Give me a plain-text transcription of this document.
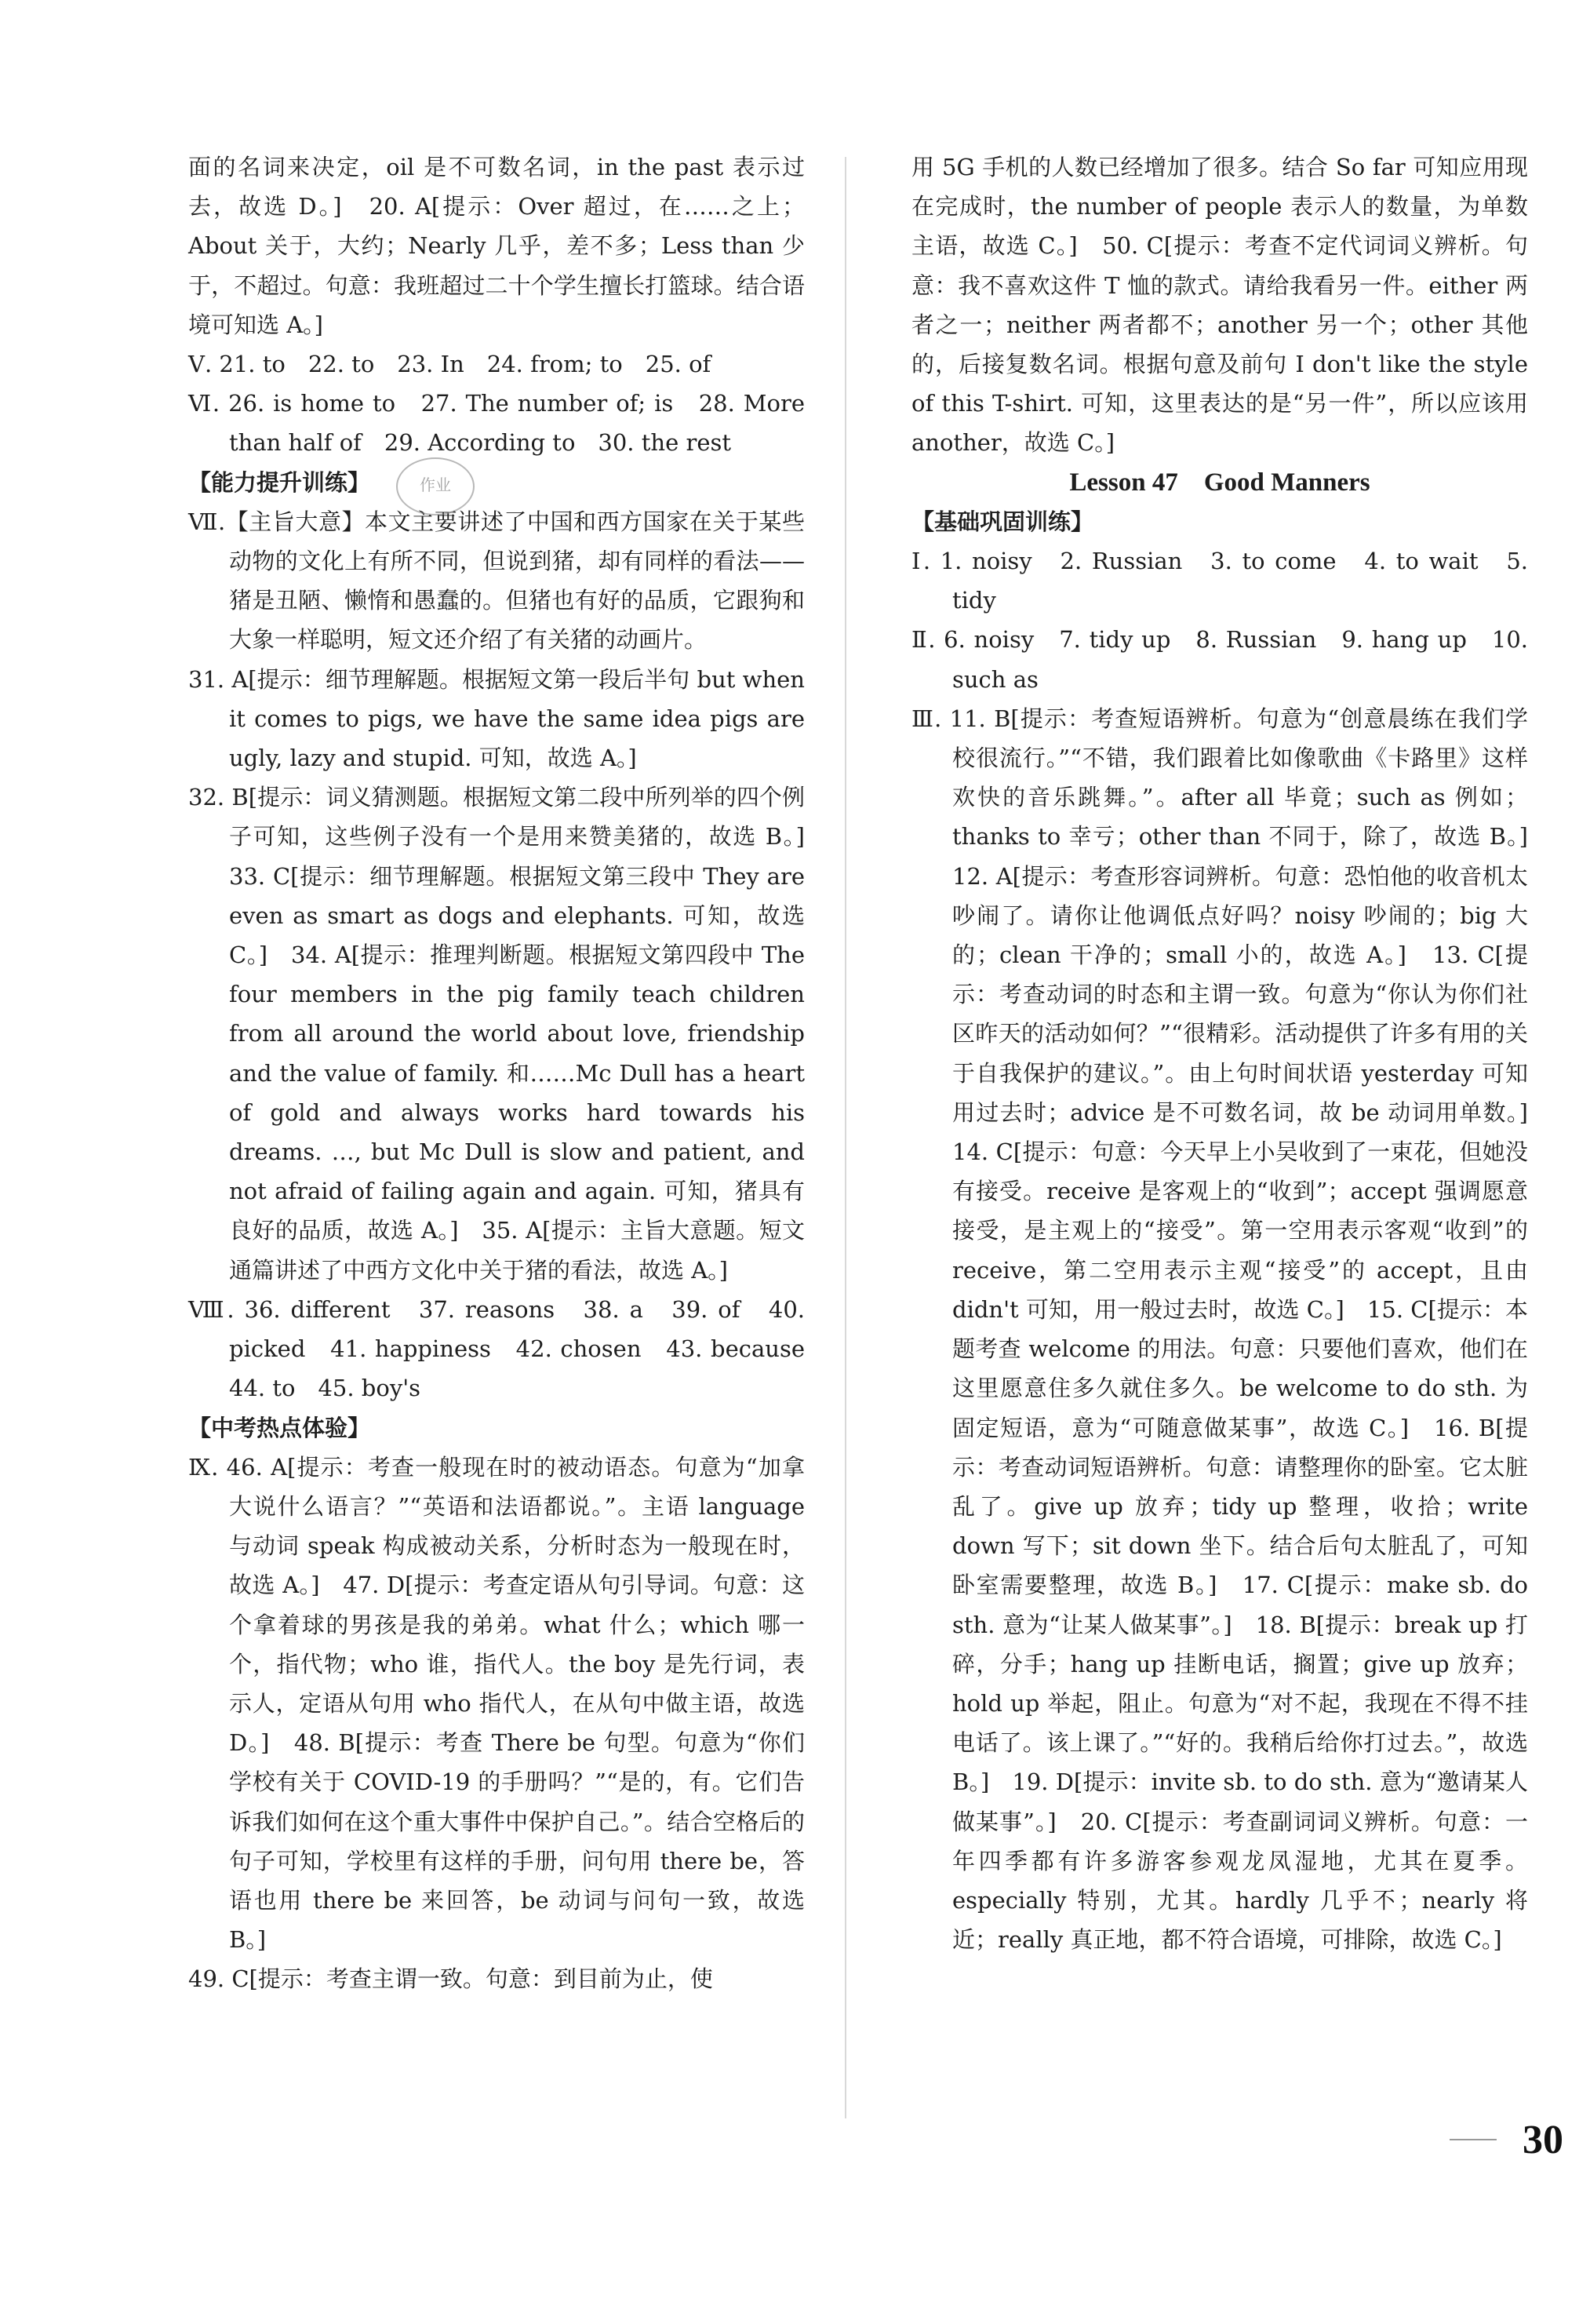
面的名词来决定，oil 是不可数名词，in the past 表示过去，故选 D。]　20. A[提示：Over 超过，在……之上；About 关于，大约；Nearly 几乎，差不多；Less than 少于，不超过。句意：我班超过二十个学生擅长打篮球。结合语境可知选 A。]

Ⅴ. 21. to　22. to　23. In　24. from; to　25. of

Ⅵ. 26. is home to　27. The number of; is　28. More than half of　29. According to　30. the rest

【能力提升训练】

Ⅶ.【主旨大意】本文主要讲述了中国和西方国家在关于某些动物的文化上有所不同，但说到猪，却有同样的看法——猪是丑陋、懒惰和愚蠢的。但猪也有好的品质，它跟狗和大象一样聪明，短文还介绍了有关猪的动画片。

31. A[提示：细节理解题。根据短文第一段后半句 but when it comes to pigs, we have the same idea pigs are ugly, lazy and stupid. 可知，故选 A。]

32. B[提示：词义猜测题。根据短文第二段中所列举的四个例子可知，这些例子没有一个是用来赞美猪的，故选 B。]　33. C[提示：细节理解题。根据短文第三段中 They are even as smart as dogs and elephants. 可知，故选 C。]　34. A[提示：推理判断题。根据短文第四段中 The four members in the pig family teach children from all around the world about love, friendship and the value of family. 和……Mc Dull has a heart of gold and always works hard towards his dreams. …, but Mc Dull is slow and patient, and not afraid of failing again and again. 可知，猪具有良好的品质，故选 A。]　35. A[提示：主旨大意题。短文通篇讲述了中西方文化中关于猪的看法，故选 A。]

Ⅷ. 36. different　37. reasons　38. a　39. of　40. picked　41. happiness　42. chosen　43. because　44. to　45. boy's

【中考热点体验】

Ⅸ. 46. A[提示：考查一般现在时的被动语态。句意为“加拿大说什么语言？”“英语和法语都说。”。主语 language 与动词 speak 构成被动关系，分析时态为一般现在时，故选 A。]　47. D[提示：考查定语从句引导词。句意：这个拿着球的男孩是我的弟弟。what 什么；which 哪一个，指代物；who 谁，指代人。the boy 是先行词，表示人，定语从句用 who 指代人，在从句中做主语，故选 D。]　48. B[提示：考查 There be 句型。句意为“你们学校有关于 COVID-19 的手册吗？”“是的，有。它们告诉我们如何在这个重大事件中保护自己。”。结合空格后的句子可知，学校里有这样的手册，问句用 there be，答语也用 there be 来回答，be 动词与问句一致，故选 B。]

49. C[提示：考查主谓一致。句意：到目前为止，使

用 5G 手机的人数已经增加了很多。结合 So far 可知应用现在完成时，the number of people 表示人的数量，为单数主语，故选 C。]　50. C[提示：考查不定代词词义辨析。句意：我不喜欢这件 T 恤的款式。请给我看另一件。either 两者之一；neither 两者都不；another 另一个；other 其他的，后接复数名词。根据句意及前句 I don't like the style of this T-shirt. 可知，这里表达的是“另一件”，所以应该用 another，故选 C。]

Lesson 47　Good Manners

【基础巩固训练】

Ⅰ. 1. noisy　2. Russian　3. to come　4. to wait　5. tidy

Ⅱ. 6. noisy　7. tidy up　8. Russian　9. hang up　10. such as

Ⅲ. 11. B[提示：考查短语辨析。句意为“创意晨练在我们学校很流行。”“不错，我们跟着比如像歌曲《卡路里》这样欢快的音乐跳舞。”。after all 毕竟；such as 例如；thanks to 幸亏；other than 不同于，除了，故选 B。]　12. A[提示：考查形容词辨析。句意：恐怕他的收音机太吵闹了。请你让他调低点好吗？noisy 吵闹的；big 大的；clean 干净的；small 小的，故选 A。]　13. C[提示：考查动词的时态和主谓一致。句意为“你认为你们社区昨天的活动如何？”“很精彩。活动提供了许多有用的关于自我保护的建议。”。由上句时间状语 yesterday 可知用过去时；advice 是不可数名词，故 be 动词用单数。]　14. C[提示：句意：今天早上小吴收到了一束花，但她没有接受。receive 是客观上的“收到”；accept 强调愿意接受，是主观上的“接受”。第一空用表示客观“收到”的 receive，第二空用表示主观“接受”的 accept，且由 didn't 可知，用一般过去时，故选 C。]　15. C[提示：本题考查 welcome 的用法。句意：只要他们喜欢，他们在这里愿意住多久就住多久。be welcome to do sth. 为固定短语，意为“可随意做某事”，故选 C。]　16. B[提示：考查动词短语辨析。句意：请整理你的卧室。它太脏乱了。give up 放弃；tidy up 整理，收拾；write down 写下；sit down 坐下。结合后句太脏乱了，可知卧室需要整理，故选 B。]　17. C[提示：make sb. do sth. 意为“让某人做某事”。]　18. B[提示：break up 打碎，分手；hang up 挂断电话，搁置；give up 放弃；hold up 举起，阻止。句意为“对不起，我现在不得不挂电话了。该上课了。”“好的。我稍后给你打过去。”，故选 B。]　19. D[提示：invite sb. to do sth. 意为“邀请某人做某事”。]　20. C[提示：考查副词词义辨析。句意：一年四季都有许多游客参观龙凤湿地，尤其在夏季。especially 特别，尤其。hardly 几乎不；nearly 将近；really 真正地，都不符合语境，可排除，故选 C。]

作业
30
